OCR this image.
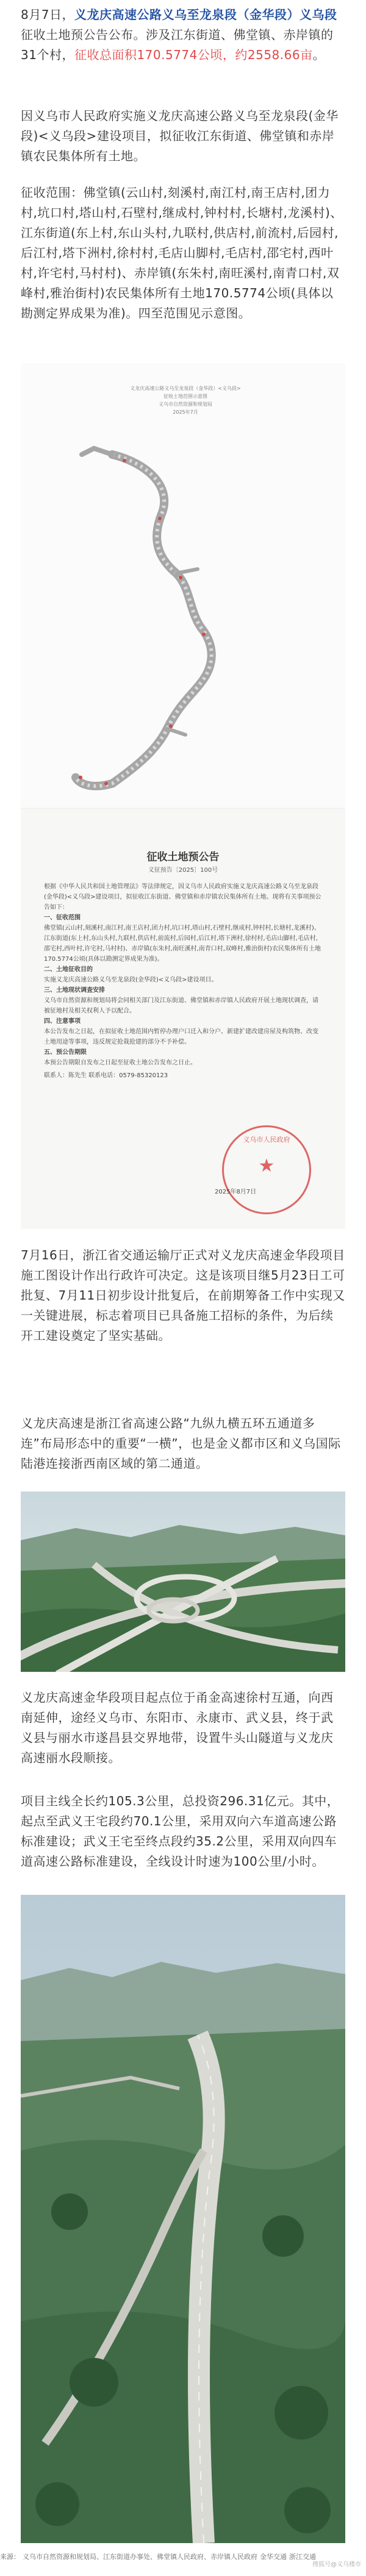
8月7日，义龙庆高速公路义乌至龙泉段（金华段）义乌段征收土地预公告公布。涉及江东街道、佛堂镇、赤岸镇的31个村，征收总面积170.5774公顷，约2558.66亩。

因义乌市人民政府实施义龙庆高速公路义乌至龙泉段(金华段)<义乌段>建设项目，拟征收江东街道、佛堂镇和赤岸镇农民集体所有土地。

征收范围：佛堂镇(云山村,刻溪村,南江村,南王店村,团力村,坑口村,塔山村,石壁村,继成村,钟村村,长塘村,龙溪村)、江东街道(东上村,东山头村,九联村,供店村,前流村,后园村,后江村,塔下洲村,徐村村,毛店山脚村,毛店村,邵宅村,西叶村,许宅村,马村村)、赤岸镇(东朱村,南旺溪村,南青口村,双峰村,雅治街村)农民集体所有土地170.5774公顷(具体以勘测定界成果为准)。四至范围见示意图。

义龙庆高速公路义乌至龙泉段（金华段）<义乌段>
征收土地范围示意图
义乌市自然资源和规划局
2025年7月
征收土地预公告
义征预告〔2025〕100号
根据《中华人民共和国土地管理法》等法律规定，因义乌市人民政府实施义龙庆高速公路义乌至龙泉段(金华段)<义乌段>建设项目，拟征收江东街道、佛堂镇和赤岸镇农民集体所有土地。现将有关事项预公告如下：
一、征收范围
佛堂镇(云山村,刻溪村,南江村,南王店村,团力村,坑口村,塔山村,石壁村,继成村,钟村村,长塘村,龙溪村)、江东街道(东上村,东山头村,九联村,供店村,前流村,后园村,后江村,塔下洲村,徐村村,毛店山脚村,毛店村,邵宅村,西叶村,许宅村,马村村)、赤岸镇(东朱村,南旺溪村,南青口村,双峰村,雅治街村)农民集体所有土地170.5774公顷(具体以勘测定界成果为准)。
二、土地征收目的
实施义龙庆高速公路义乌至龙泉段(金华段)<义乌段>建设项目。
三、土地现状调查安排
义乌市自然资源和规划局将会同相关部门及江东街道、佛堂镇和赤岸镇人民政府开展土地现状调查，请被征地村及相关权利人予以配合。
四、注意事项
本公告发布之日起，在拟征收土地范围内暂停办理户口迁入和分户、新建扩建改建房屋及构筑物、改变土地用途等事项，违反规定抢栽抢建的部分不予补偿。
五、预公告期限
本预公告期限自发布之日起至征收土地公告发布之日止。
联系人：陈先生 联系电话：0579-85320123
义乌市人民政府
★
2025年8月7日

7月16日，浙江省交通运输厅正式对义龙庆高速金华段项目施工图设计作出行政许可决定。这是该项目继5月23日工可批复、7月11日初步设计批复后，在前期筹备工作中实现又一关键进展，标志着项目已具备施工招标的条件，为后续开工建设奠定了坚实基础。

义龙庆高速是浙江省高速公路“九纵九横五环五通道多连”布局形态中的重要“一横”，也是金义都市区和义乌国际陆港连接浙西南区域的第二通道。

义龙庆高速金华段项目起点位于甬金高速徐村互通，向西南延伸，途经义乌市、东阳市、永康市、武义县，终于武义县与丽水市遂昌县交界地带，设置牛头山隧道与义龙庆高速丽水段顺接。

项目主线全长约105.3公里，总投资296.31亿元。其中，起点至武义王宅段约70.1公里，采用双向六车道高速公路标准建设；武义王宅至终点段约35.2公里，采用双向四车道高速公路标准建设，全线设计时速为100公里/小时。

来源： 义乌市自然资源和规划局、江东街道办事处、佛堂镇人民政府、赤岸镇人民政府 金华交通 浙江交通
搜狐号@义乌楼市
